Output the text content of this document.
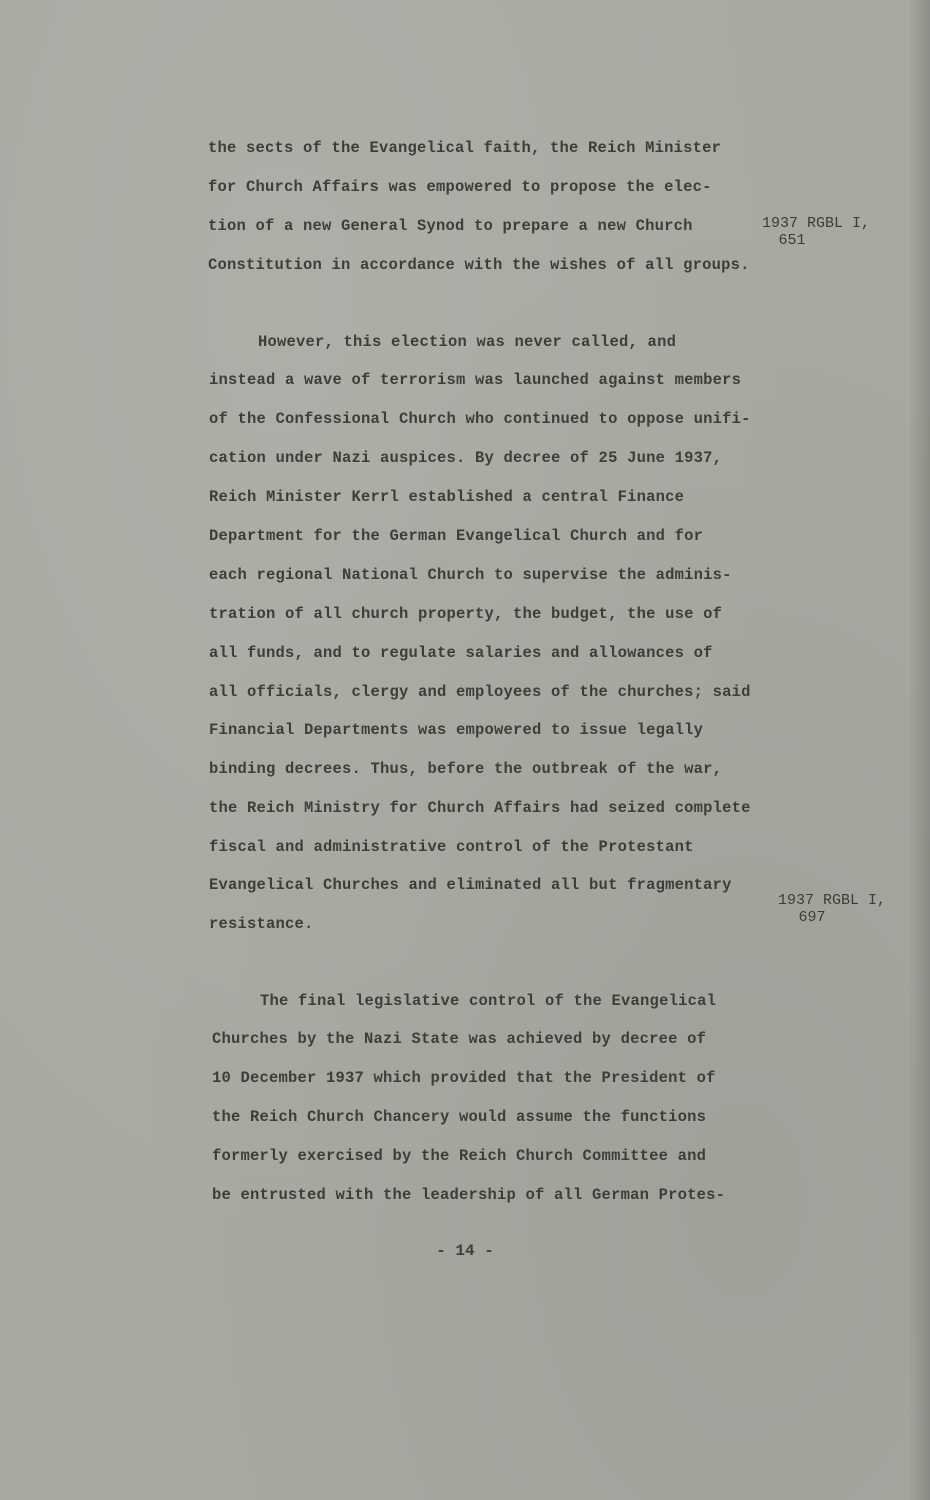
the sects of the Evangelical faith, the Reich Minister
for Church Affairs was empowered to propose the elec-
tion of a new General Synod to prepare a new Church
Constitution in accordance with the wishes of all groups.
1937 RGBL I,
651
However, this election was never called, and
instead a wave of terrorism was launched against members
of the Confessional Church who continued to oppose unifi-
cation under Nazi auspices. By decree of 25 June 1937,
Reich Minister Kerrl established a central Finance
Department for the German Evangelical Church and for
each regional National Church to supervise the adminis-
tration of all church property, the budget, the use of
all funds, and to regulate salaries and allowances of
all officials, clergy and employees of the churches; said
Financial Departments was empowered to issue legally
binding decrees. Thus, before the outbreak of the war,
the Reich Ministry for Church Affairs had seized complete
fiscal and administrative control of the Protestant
Evangelical Churches and eliminated all but fragmentary
resistance.
1937 RGBL I,
697
The final legislative control of the Evangelical
Churches by the Nazi State was achieved by decree of
10 December 1937 which provided that the President of
the Reich Church Chancery would assume the functions
formerly exercised by the Reich Church Committee and
be entrusted with the leadership of all German Protes-
- 14 -
